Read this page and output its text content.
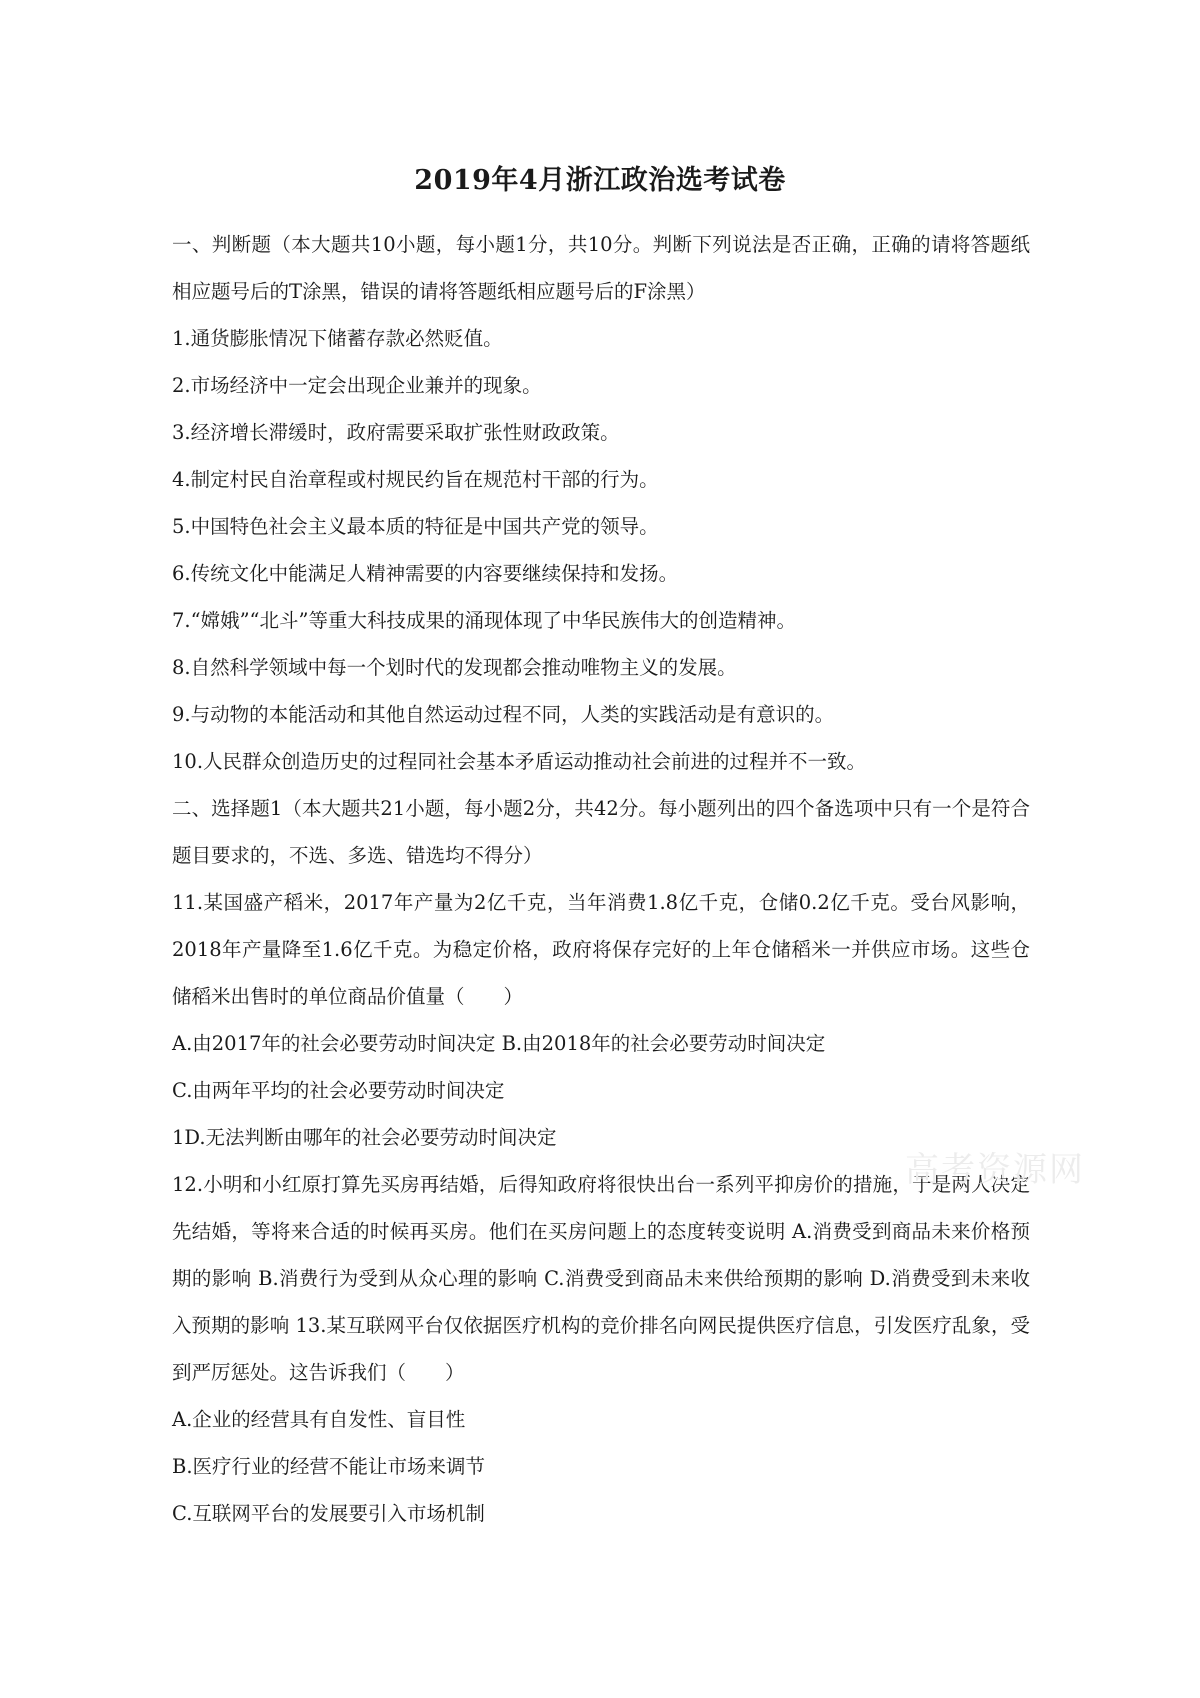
2019年4月浙江政治选考试卷

一、判断题（本大题共10小题，每小题1分，共10分。判断下列说法是否正确，正确的请将答题纸相应题号后的T涂黑，错误的请将答题纸相应题号后的F涂黑）

1.通货膨胀情况下储蓄存款必然贬值。

2.市场经济中一定会出现企业兼并的现象。

3.经济增长滞缓时，政府需要采取扩张性财政政策。

4.制定村民自治章程或村规民约旨在规范村干部的行为。

5.中国特色社会主义最本质的特征是中国共产党的领导。

6.传统文化中能满足人精神需要的内容要继续保持和发扬。

7.“嫦娥”“北斗”等重大科技成果的涌现体现了中华民族伟大的创造精神。

8.自然科学领域中每一个划时代的发现都会推动唯物主义的发展。

9.与动物的本能活动和其他自然运动过程不同，人类的实践活动是有意识的。

10.人民群众创造历史的过程同社会基本矛盾运动推动社会前进的过程并不一致。

二、选择题1（本大题共21小题，每小题2分，共42分。每小题列出的四个备选项中只有一个是符合题目要求的，不选、多选、错选均不得分）

11.某国盛产稻米，2017年产量为2亿千克，当年消费1.8亿千克，仓储0.2亿千克。受台风影响，2018年产量降至1.6亿千克。为稳定价格，政府将保存完好的上年仓储稻米一并供应市场。这些仓储稻米出售时的单位商品价值量（　　）

A.由2017年的社会必要劳动时间决定 B.由2018年的社会必要劳动时间决定

C.由两年平均的社会必要劳动时间决定

1D.无法判断由哪年的社会必要劳动时间决定

12.小明和小红原打算先买房再结婚，后得知政府将很快出台一系列平抑房价的措施，于是两人决定先结婚，等将来合适的时候再买房。他们在买房问题上的态度转变说明 A.消费受到商品未来价格预期的影响 B.消费行为受到从众心理的影响 C.消费受到商品未来供给预期的影响 D.消费受到未来收入预期的影响 13.某互联网平台仅依据医疗机构的竞价排名向网民提供医疗信息，引发医疗乱象，受到严厉惩处。这告诉我们（　　）

A.企业的经营具有自发性、盲目性

B.医疗行业的经营不能让市场来调节

C.互联网平台的发展要引入市场机制

高考资源网
